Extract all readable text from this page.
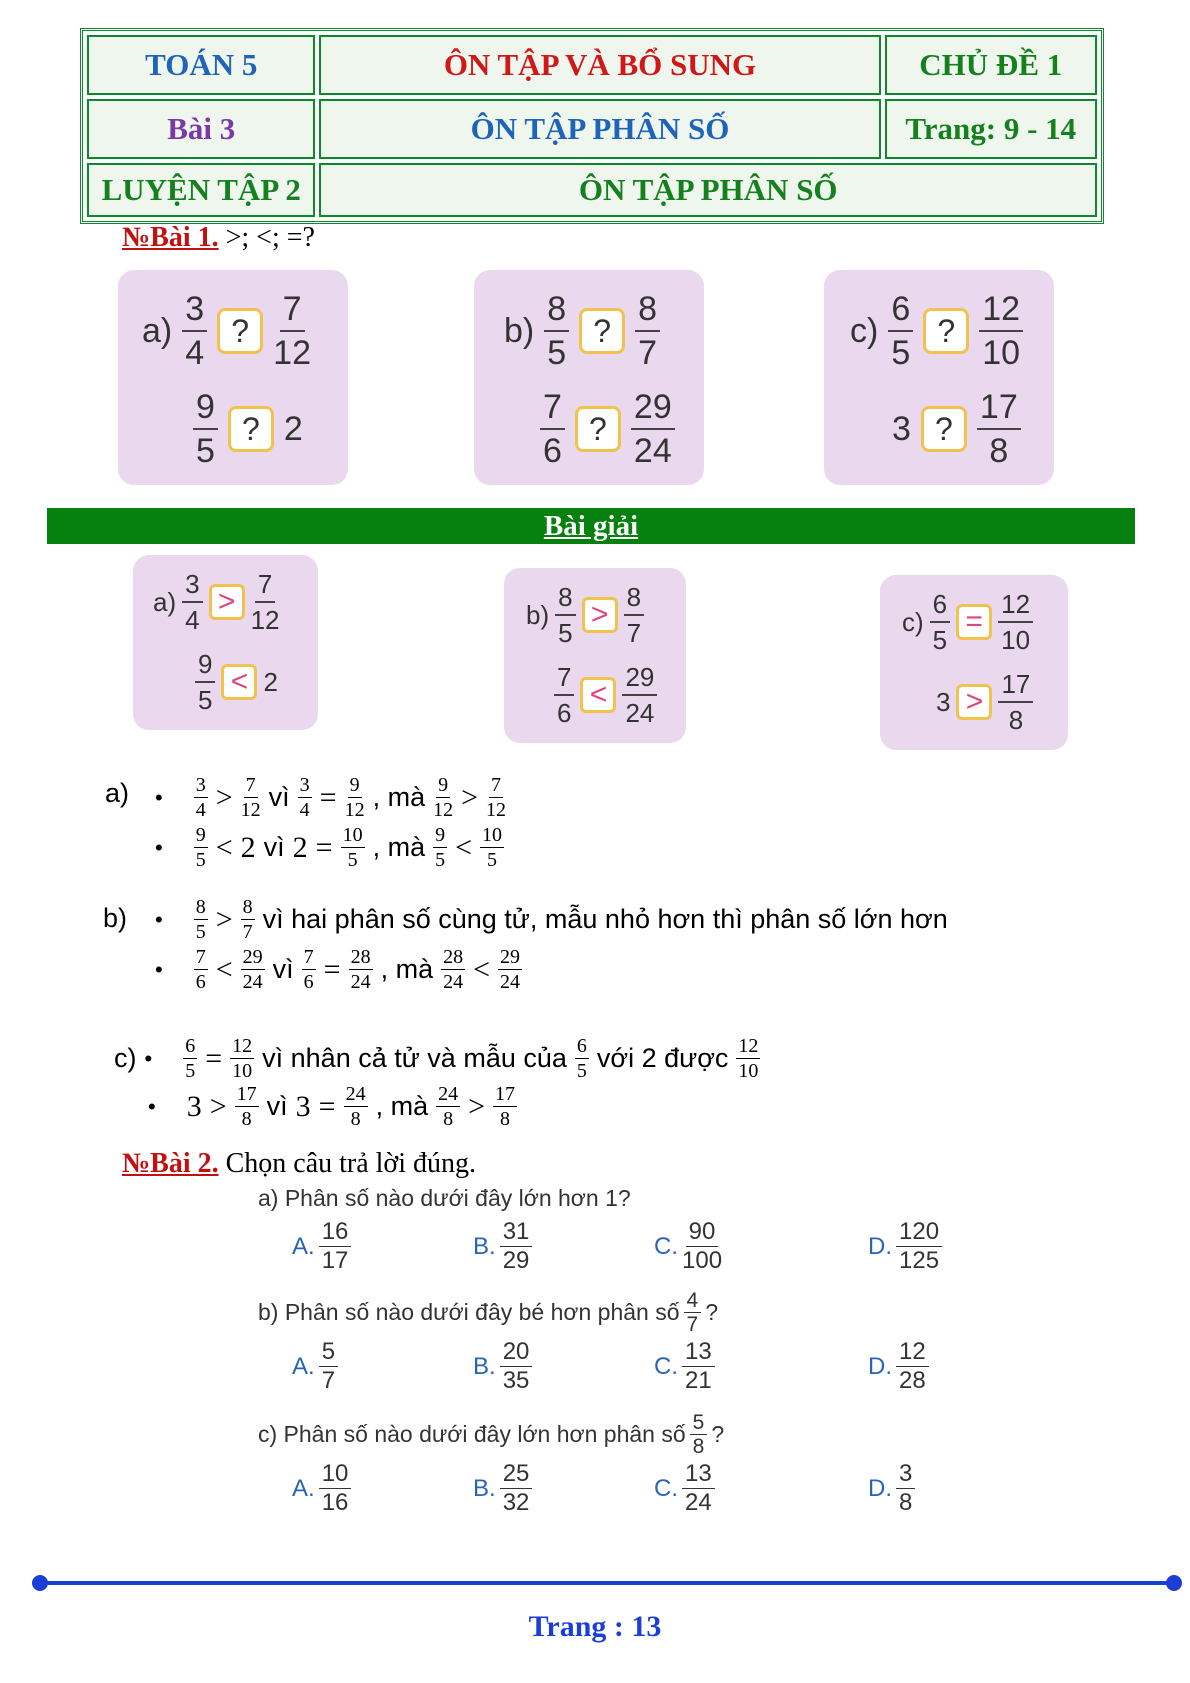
TOÁN 5	ÔN TẬP VÀ BỔ SUNG	CHỦ ĐỀ 1
Bài 3	ÔN TẬP PHÂN SỐ	Trang: 9 - 14
LUYỆN TẬP 2	ÔN TẬP PHÂN SỐ	
№Bài 1. >; <; =?
$a) \frac{3}{4}$ ? $\frac{7}{12}$
$\frac{9}{5}$ ? 2
$b) \frac{8}{5}$ ? $\frac{8}{7}$
$\frac{7}{6}$ ? $\frac{29}{24}$
$c) \frac{6}{5}$ ? $\frac{12}{10}$
3 ? $\frac{17}{8}$
Bài giải
$a) \frac{3}{4} > \frac{7}{12}$
$\frac{9}{5} < 2$
$b) \frac{8}{5} > \frac{8}{7}$
$\frac{7}{6} < \frac{29}{24}$
$c) \frac{6}{5} = \frac{12}{10}$
$3 > \frac{17}{8}$
a) •
$\frac{3}{4} > \frac{7}{12}$ vì $\frac{3}{4} = \frac{9}{12}$ , mà $\frac{9}{12} > \frac{7}{12}$
•
$\frac{9}{5} < 2$ vì $2 = \frac{10}{5}$ , mà $\frac{9}{5} < \frac{10}{5}$
b) •
$\frac{8}{5} > \frac{8}{7}$ vì hai phân số cùng tử, mẫu nhỏ hơn thì phân số lớn hơn
•
$\frac{7}{6} < \frac{29}{24}$ vì $\frac{7}{6} = \frac{28}{24}$ , mà $\frac{28}{24} < \frac{29}{24}$
c) •
$\frac{6}{5} = \frac{12}{10}$ vì nhân cả tử và mẫu của $\frac{6}{5}$ với 2 được $\frac{12}{10}$
•
$3 > \frac{17}{8}$ vì $3 = \frac{24}{8}$ , mà $\frac{24}{8} > \frac{17}{8}$
№Bài 2. Chọn câu trả lời đúng.
a) Phân số nào dưới đây lớn hơn 1?
A. $\frac{16}{17}$	B. $\frac{31}{29}$	C. $\frac{90}{100}$	D. $\frac{120}{125}$
b) Phân số nào dưới đây bé hơn phân số $\frac{4}{7}$ ?
A. $\frac{5}{7}$	B. $\frac{20}{35}$	C. $\frac{13}{21}$	D. $\frac{12}{28}$
c) Phân số nào dưới đây lớn hơn phân số $\frac{5}{8}$ ?
A. $\frac{10}{16}$	B. $\frac{25}{32}$	C. $\frac{13}{24}$	D. $\frac{3}{8}$
Trang : 13
